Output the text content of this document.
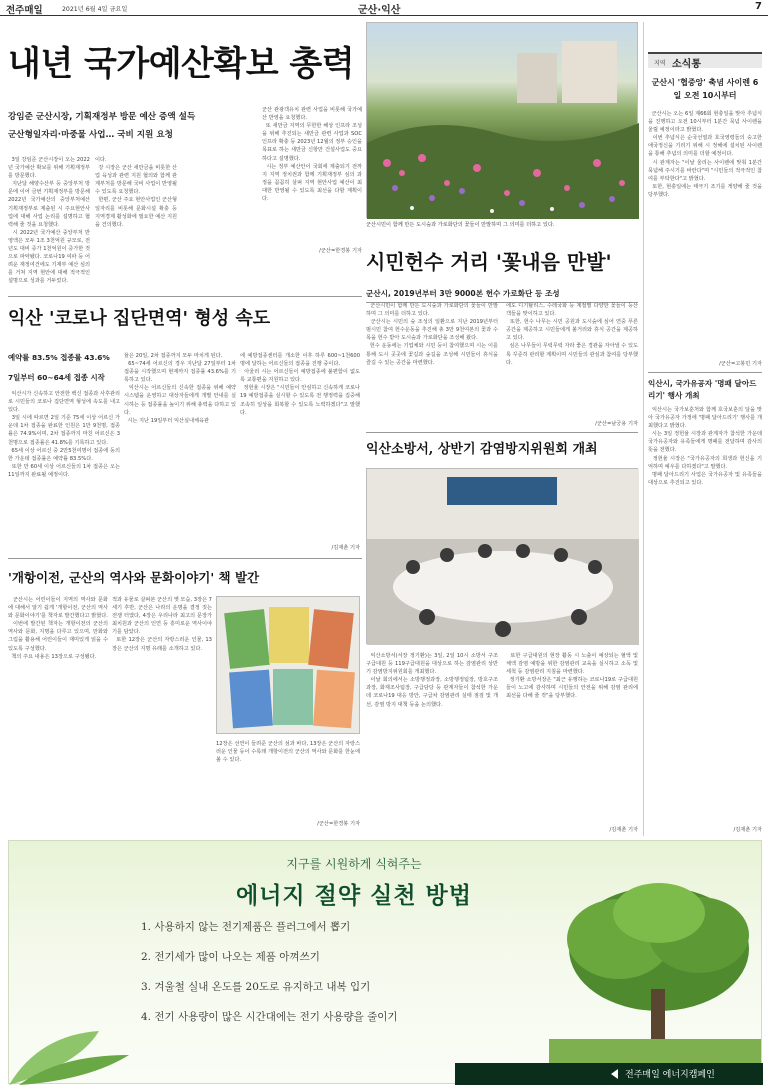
전주매일	2021년 6월 4일 금요일	군산·익산	7
내년 국가예산확보 총력
강임준 군산시장, 기획재정부 방문 예산 증액 설득
군산형일자리·마중물 사업… 국비 지원 요청
3일 강임준 군산시장이 오는 2022년 국가예산 확보를 위해 기획재정부를 방문했다.
지난달 해양수산부 등 중앙부처 방문에 이어 금번 기획재정부를 방문해 2022년 국가예산의 중앙부처예산 기획재정부로 제출된 시 주요현안사업에 대해 사업 논리를 설명하고 협력해 줄 것을 요청했다.
시 2022년 국가예산 중앙부처 반영액은 모두 1조 3천억원 규모로, 전년도 대비 증가 1천억원이 증가한 것으로 파악됐다. 코로나19 여파 등 어려운 재정여건에도 기재부 예산 심의를 거쳐 지역 현안에 대해 적극적인 설명으로 성과를 거두었다.
이다.
강 시장은 군산 새만금을 비롯한 산업 육성과 관련 지원 협의와 함께 관계부처를 방문해 국비 사업이 반영될 수 있도록 요청했다.
한편, 군산 주요 현안사업인 군산형 일자리를 비롯해 문화시설 확충 등 지역경제 활성화에 필요한 예산 지원을 건의했다.
군산 관광객유치 관련 사업을 비롯해 국가예산 반영을 요청했다.
또 새만금 지역의 무한한 해상 인프라 조성을 위해 추진되는 새만금 관련 사업과 SOC 인프라 확충 등 2023년 12월의 정부 승인을 목표로 하는 새만금 신항만 건설사업도 중요하다고 설명했다.
시는 정부 예산안이 국회에 제출되기 전까지 지역 정치권과 함께 기획재정부 심의 과정을 꼼꼼히 살펴 지역 현안사업 예산이 최대한 반영될 수 있도록 최선을 다할 계획이다.
/군산=한경봉 기자
군산시민이 함께 만든 도시숲과 가로화단의 꽃들이 만발하며 그 의미를 더하고 있다.
시민헌수 거리 '꽃내음 만발'
군산시, 2019년부터 3만 9000본 헌수 가로화단 등 조성
군산시민이 함께 만든 도시숲과 가로화단의 꽃들이 만발하며 그 의미를 더하고 있다.
군산시는 시민의 숲 조성의 일환으로 지난 2019년부터 범시민 참여 헌수운동을 추진해 총 3만 9천여본의 꽃과 수목을 헌수 받아 도시숲과 가로화단을 조성해 왔다.
헌수 운동에는 기업체와 시민 등이 참여했으며 시는 이를 통해 도시 곳곳에 꽃길과 숲길을 조성해 시민들이 휴식을 즐길 수 있는 공간을 마련했다.
에도 디기탈리스, 수레국화 등 계절별 다양한 꽃들이 등산객들을 맞이하고 있다.
또한, 헌수 나무는 시민 공원과 도시숲에 심어 연중 푸른 공간을 제공하고 시민들에게 볼거리와 휴식 공간을 제공하고 있다.
심은 나무들이 무럭무럭 자라 좋은 경관을 자아낼 수 있도록 꾸준히 관리할 계획이며 시민들의 관심과 참여를 당부했다.
/군산=남궁용 기자
익산 '코로나 집단면역' 형성 속도
예약률 83.5% 접종률 43.6%
7일부터 60~64세 접종 시작
익산시가 신속하고 안전한 백신 접종과 사후관리로 시민들의 코로나 집단면역 형성에 속도를 내고 있다.
3일 시에 따르면 2일 기준 75세 이상 어르신 가운데 1차 접종을 완료한 인원은 1만 9천명, 접종률은 74.9%이며, 2차 접종까지 마친 어르신은 3천명으로 접종률은 41.8%를 기록하고 있다.
65세 이상 어르신 중 2만5천여명이 접종에 동의한 가운데 접종률은 예약률 83.5%다.
또한 만 60세 이상 어르신들의 1차 접종은 오는 11일까지 완료될 예정이다.
율은 20일, 2차 접종까지 모두 마치게 된다.
65~74세 어르신의 경우 지난달 27일부터 1차 접종을 시작했으며 현재까지 접종률 43.6%를 기록하고 있다.
익산시는 어르신들의 신속한 접종을 위해 예약 시스템을 운영하고 대상자들에게 개별 안내를 실시하는 등 접종률을 높이기 위해 총력을 다하고 있다.
시는 지난 19일부터 익산실내체육관
에 예방접종센터를 개소한 이후 하루 600~1천600명에 달하는 어르신들의 접종을 진행 중이다.
아울러 시는 어르신들이 예방접종에 불편함이 없도록 교통편을 지원하고 있다.
정헌율 시장은 "시민들이 안심하고 신속하게 코로나19 예방접종을 실시할 수 있도록 전 행정력을 집중해 조속히 일상을 회복할 수 있도록 노력하겠다"고 말했다.
/김재춘 기자
'개항이전, 군산의 역사와 문화이야기' 책 발간
군산시는 어린이들이 지역의 역사와 문화에 대해서 알기 쉽게 '개항이전, 군산의 역사와 문화이야기'를 책자로 발간했다고 밝혔다.
이번에 발간된 책자는 개항이전의 군산의 역사와 문화, 지명을 다루고 있으며, 만화와 그림을 활용해 어린이들이 재미있게 읽을 수 있도록 구성했다.
책의 주요 내용은 13장으로 구성됐다.
적과 유물로 살펴본 군산의 옛 모습, 3장은 7세기 후반, 군산은 나라의 운명을 결정 짓는 전쟁 터였다, 4장은 우리나라 최고의 문장가 최치원과 군산의 인연 등 흥미로운 역사이야기를 담았다.
또한 12장은 군산의 자랑스러운 인물, 13장은 군산의 지명 유래를 소개하고 있다.
12장은 선연이 들려준 군산의 섬과 바다, 13장은 군산의 자랑스러운 인물 등이 수록돼 개항이전의 군산의 역사와 문화를 한눈에 볼 수 있다.
/군산=한경봉 기자
익산소방서, 상반기 감염방지위원회 개최
익산소방서(서장 정기환)는 3일, 2일 10시 소방서 구조구급대원 등 119구급대원을 대상으로 하는 감염관리 상반기 감염방지위원회를 개최했다.
이날 회의에서는 소방행정과장, 소방행정팀장, 방호구조과장, 화재조사팀장, 구급담당 등 관계자들이 참석한 가운데 코로나19 대응 방안, 구급차 감염관리 실태 점검 및 개선, 감염 방지 대책 등을 논의했다.
또한 구급대원의 현장 활동 시 노출이 예상되는 혈액 및 체액 감염 예방을 위한 감염관리 교육을 실시하고 소독 및 세척 등 감염관리 지침을 마련했다.
정기환 소방서장은 "최근 유행하는 코로나19로 구급대원들이 노고에 감사하며 시민들의 안전을 위해 감염 관리에 최선을 다해 줄 것"을 당부했다.
/김재춘 기자
지역 소식통
군산시 '협중앙' 축념 사이렌 6일 오전 10시부터
군산시는 오는 6일 제66회 현충일을 맞아 추념식을 진행하고 오전 10시부터 1분간 묵념 사이렌을 울릴 예정이라고 밝혔다.
이번 추념식은 순국선열과 호국영령들의 숭고한 애국정신을 기리기 위해 시 정해에 설치된 사이렌을 통해 추념의 의미를 더할 예정이다.
시 관계자는 "이날 울리는 사이렌에 맞춰 1분간 묵념해 주시기를 바란다"며 "시민들의 적극적인 참여를 부탁한다"고 밝혔다.
또한, 현충일에는 태극기 조기를 게양해 줄 것을 당부했다.
/군산=고봉민 기자
익산시, 국가유공자 '명패 달아드리기' 행사 개최
익산시는 국가보훈처와 함께 호국보훈의 달을 맞아 국가유공자 가정에 '명패 달아드리기' 행사를 개최했다고 밝혔다.
시는 3일 정헌율 시장과 관계자가 참석한 가운데 국가유공자와 유족들에게 명패를 전달하며 감사의 뜻을 전했다.
정헌율 시장은 "국가유공자의 희생과 헌신을 기억하며 예우를 다하겠다"고 말했다.
명패 달아드리기 사업은 국가유공자 및 유족들을 대상으로 추진되고 있다.
/김재춘 기자
지구를 시원하게 식혀주는
에너지 절약 실천 방법
1. 사용하지 않는 전기제품은 플러그에서 뽑기
2. 전기세가 많이 나오는 제품 아껴쓰기
3. 겨울철 실내 온도를 20도로 유지하고 내복 입기
4. 전기 사용량이 많은 시간대에는 전기 사용량을 줄이기
전주매일 에너지캠페인
